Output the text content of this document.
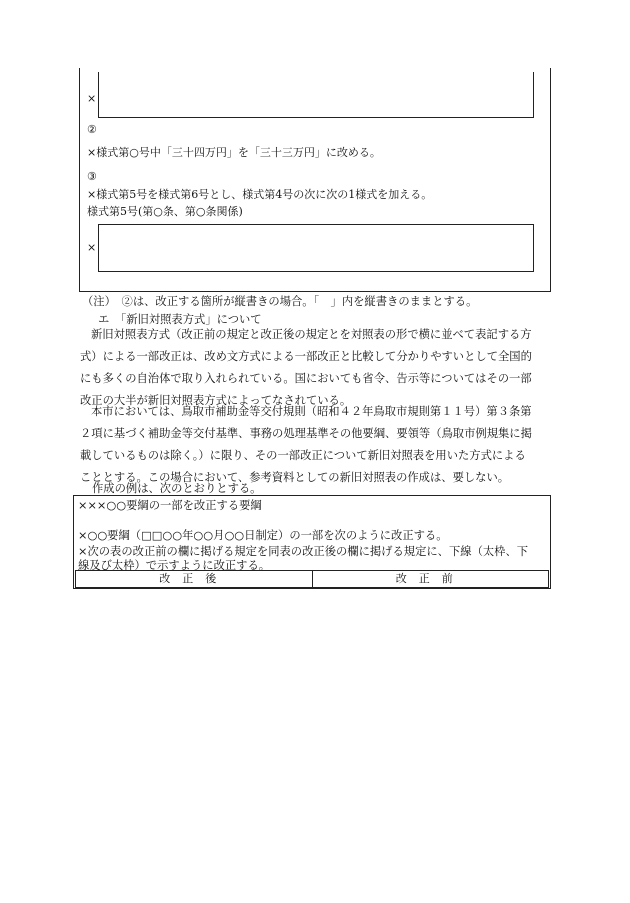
×
②
×様式第○号中「三十四万円」を「三十三万円」に改める。
③
×様式第5号を様式第6号とし、様式第4号の次に次の1様式を加える。
様式第5号(第○条、第○条関係)
×
（注）　②は、改正する箇所が縦書きの場合。「　」内を縦書きのままとする。
エ　「新旧対照表方式」について
新旧対照表方式（改正前の規定と改正後の規定とを対照表の形で横に並べて表記する方
式）による一部改正は、改め文方式による一部改正と比較して分かりやすいとして全国的
にも多くの自治体で取り入れられている。国においても省令、告示等についてはその一部
改正の大半が新旧対照表方式によってなされている。
本市においては、鳥取市補助金等交付規則（昭和４２年鳥取市規則第１１号）第３条第
２項に基づく補助金等交付基準、事務の処理基準その他要綱、要領等（鳥取市例規集に掲
載しているものは除く。）に限り、その一部改正について新旧対照表を用いた方式による
こととする。この場合において、参考資料としての新旧対照表の作成は、要しない。
作成の例は、次のとおりとする。
×××○○要綱の一部を改正する要綱
×○○要綱（□□○○年○○月○○日制定）の一部を次のように改正する。
×次の表の改正前の欄に掲げる規定を同表の改正後の欄に掲げる規定に、下線（太枠、下
線及び太枠）で示すように改正する。
改正後	改正前
